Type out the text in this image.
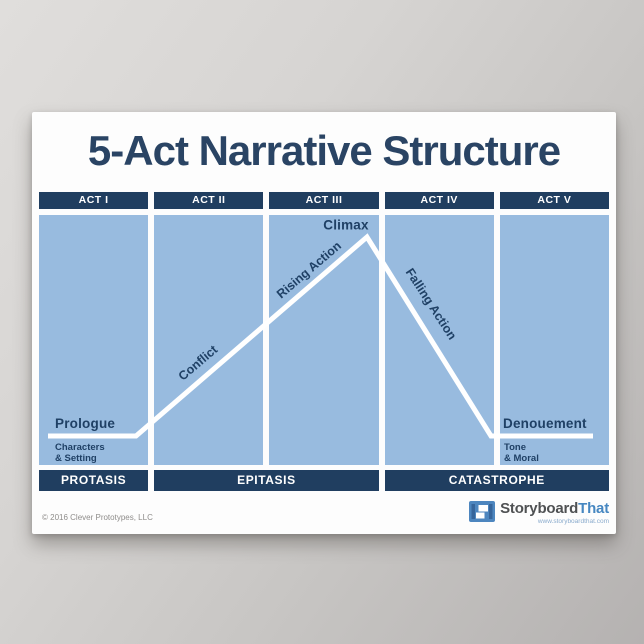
5-Act Narrative Structure
ACT I	ACT II	ACT III	ACT IV	ACT V
Prologue
Characters
& Setting
Conflict
Rising Action
Climax
Falling Action
Denouement
Tone
& Moral
PROTASIS	EPITASIS	CATASTROPHE
© 2016 Clever Prototypes, LLC
StoryboardThat
www.storyboardthat.com
